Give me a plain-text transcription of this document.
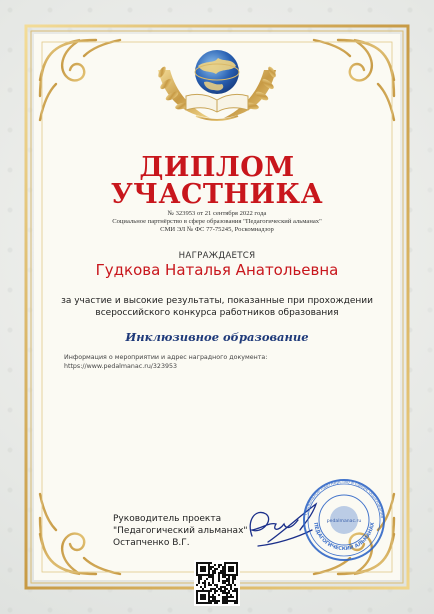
ДИПЛОМ
УЧАСТНИКА
№ 323953 от 21 сентября 2022 года
Социальное партнёрство в сфере образования "Педагогический альманах"
СМИ ЭЛ № ФС 77-75245, Роскомнадзор
НАГРАЖДАЕТСЯ
Гудкова Наталья Анатольевна
за участие и высокие результаты, показанные при прохождении
всероссийского конкурса работников образования
Инклюзивное образование
Информация о мероприятии и адрес наградного документа:
https://www.pedalmanac.ru/323953
Руководитель проекта
"Педагогический альманах"
Остапченко В.Г.
Социальное партнёрство в сфере образования
ПЕДАГОГИЧЕСКИЙ АЛЬМАНАХ
pedalmanac.ru
